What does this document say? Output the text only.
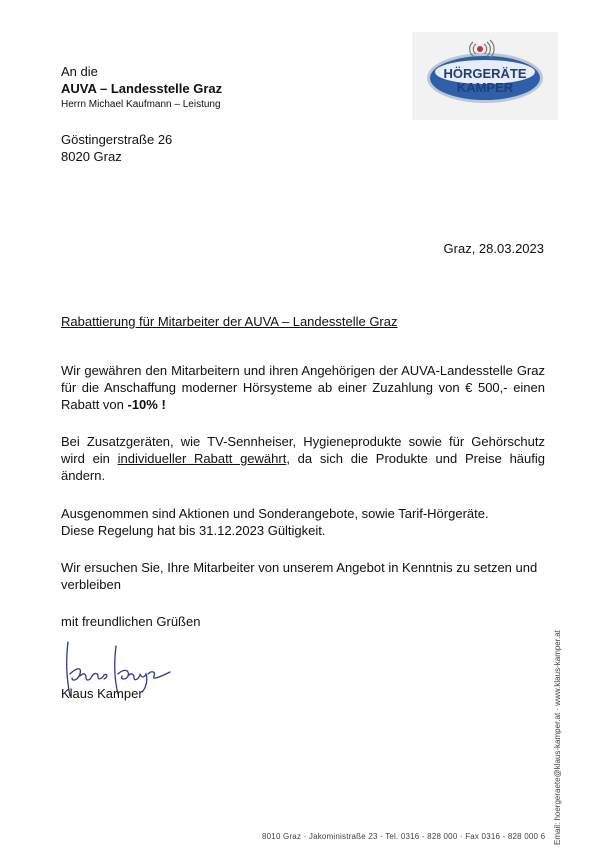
HÖRGERÄTE
KAMPER
An die
AUVA – Landesstelle Graz
Herrn Michael Kaufmann – Leistung
Göstingerstraße 26
8020 Graz
Graz, 28.03.2023
Rabattierung für Mitarbeiter der AUVA – Landesstelle Graz
Wir gewähren den Mitarbeitern und ihren Angehörigen der AUVA-Landesstelle Graz für die Anschaffung moderner Hörsysteme ab einer Zuzahlung von € 500,- einen Rabatt von -10% !
Bei Zusatzgeräten, wie TV-Sennheiser, Hygieneprodukte sowie für Gehörschutz wird ein individueller Rabatt gewährt, da sich die Produkte und Preise häufig ändern.
Ausgenommen sind Aktionen und Sonderangebote, sowie Tarif-Hörgeräte.
Diese Regelung hat bis 31.12.2023 Gültigkeit.
Wir ersuchen Sie, Ihre Mitarbeiter von unserem Angebot in Kenntnis zu setzen und verbleiben
mit freundlichen Grüßen
Klaus Kamper
8010 Graz · Jakoministraße 23 · Tel. 0316 - 828 000 · Fax 0316 - 828 000 6 Email: hoergeraete@klaus-kamper.at · www.klaus-kamper.at
